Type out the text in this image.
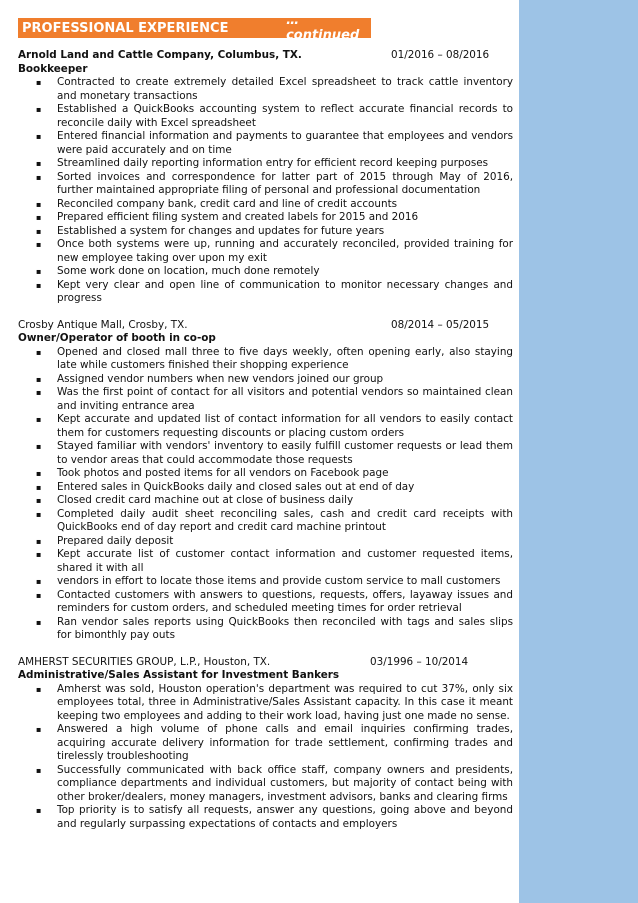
PROFESSIONAL EXPERIENCE	…continued
Arnold Land and Cattle Company, Columbus, TX.	01/2016 – 08/2016
Bookkeeper
▪ Contracted to create extremely detailed Excel spreadsheet to track cattle inventory and monetary transactions
▪ Established a QuickBooks accounting system to reflect accurate financial records to reconcile daily with Excel spreadsheet
▪ Entered financial information and payments to guarantee that employees and vendors were paid accurately and on time
▪ Streamlined daily reporting information entry for efficient record keeping purposes
▪ Sorted invoices and correspondence for latter part of 2015 through May of 2016, further maintained appropriate filing of personal and professional documentation
▪ Reconciled company bank, credit card and line of credit accounts
▪ Prepared efficient filing system and created labels for 2015 and 2016
▪ Established a system for changes and updates for future years
▪ Once both systems were up, running and accurately reconciled, provided training for new employee taking over upon my exit
▪ Some work done on location, much done remotely
▪ Kept very clear and open line of communication to monitor necessary changes and progress
Crosby Antique Mall, Crosby, TX.	08/2014 – 05/2015
Owner/Operator of booth in co-op
▪ Opened and closed mall three to five days weekly, often opening early, also staying late while customers finished their shopping experience
▪ Assigned vendor numbers when new vendors joined our group
▪ Was the first point of contact for all visitors and potential vendors so maintained clean and inviting entrance area
▪ Kept accurate and updated list of contact information for all vendors to easily contact them for customers requesting discounts or placing custom orders
▪ Stayed familiar with vendors' inventory to easily fulfill customer requests or lead them to vendor areas that could accommodate those requests
▪ Took photos and posted items for all vendors on Facebook page
▪ Entered sales in QuickBooks daily and closed sales out at end of day
▪ Closed credit card machine out at close of business daily
▪ Completed daily audit sheet reconciling sales, cash and credit card receipts with QuickBooks end of day report and credit card machine printout
▪ Prepared daily deposit
▪ Kept accurate list of customer contact information and customer requested items, shared it with all
▪ vendors in effort to locate those items and provide custom service to mall customers
▪ Contacted customers with answers to questions, requests, offers, layaway issues and reminders for custom orders, and scheduled meeting times for order retrieval
▪ Ran vendor sales reports using QuickBooks then reconciled with tags and sales slips for bimonthly pay outs
AMHERST SECURITIES GROUP, L.P., Houston, TX.	03/1996 – 10/2014
Administrative/Sales Assistant for Investment Bankers
▪ Amherst was sold, Houston operation's department was required to cut 37%, only six employees total, three in Administrative/Sales Assistant capacity. In this case it meant keeping two employees and adding to their work load, having just one made no sense.
▪ Answered a high volume of phone calls and email inquiries confirming trades, acquiring accurate delivery information for trade settlement, confirming trades and tirelessly troubleshooting
▪ Successfully communicated with back office staff, company owners and presidents, compliance departments and individual customers, but majority of contact being with other broker/dealers, money managers, investment advisors, banks and clearing firms
▪ Top priority is to satisfy all requests, answer any questions, going above and beyond and regularly surpassing expectations of contacts and employers
